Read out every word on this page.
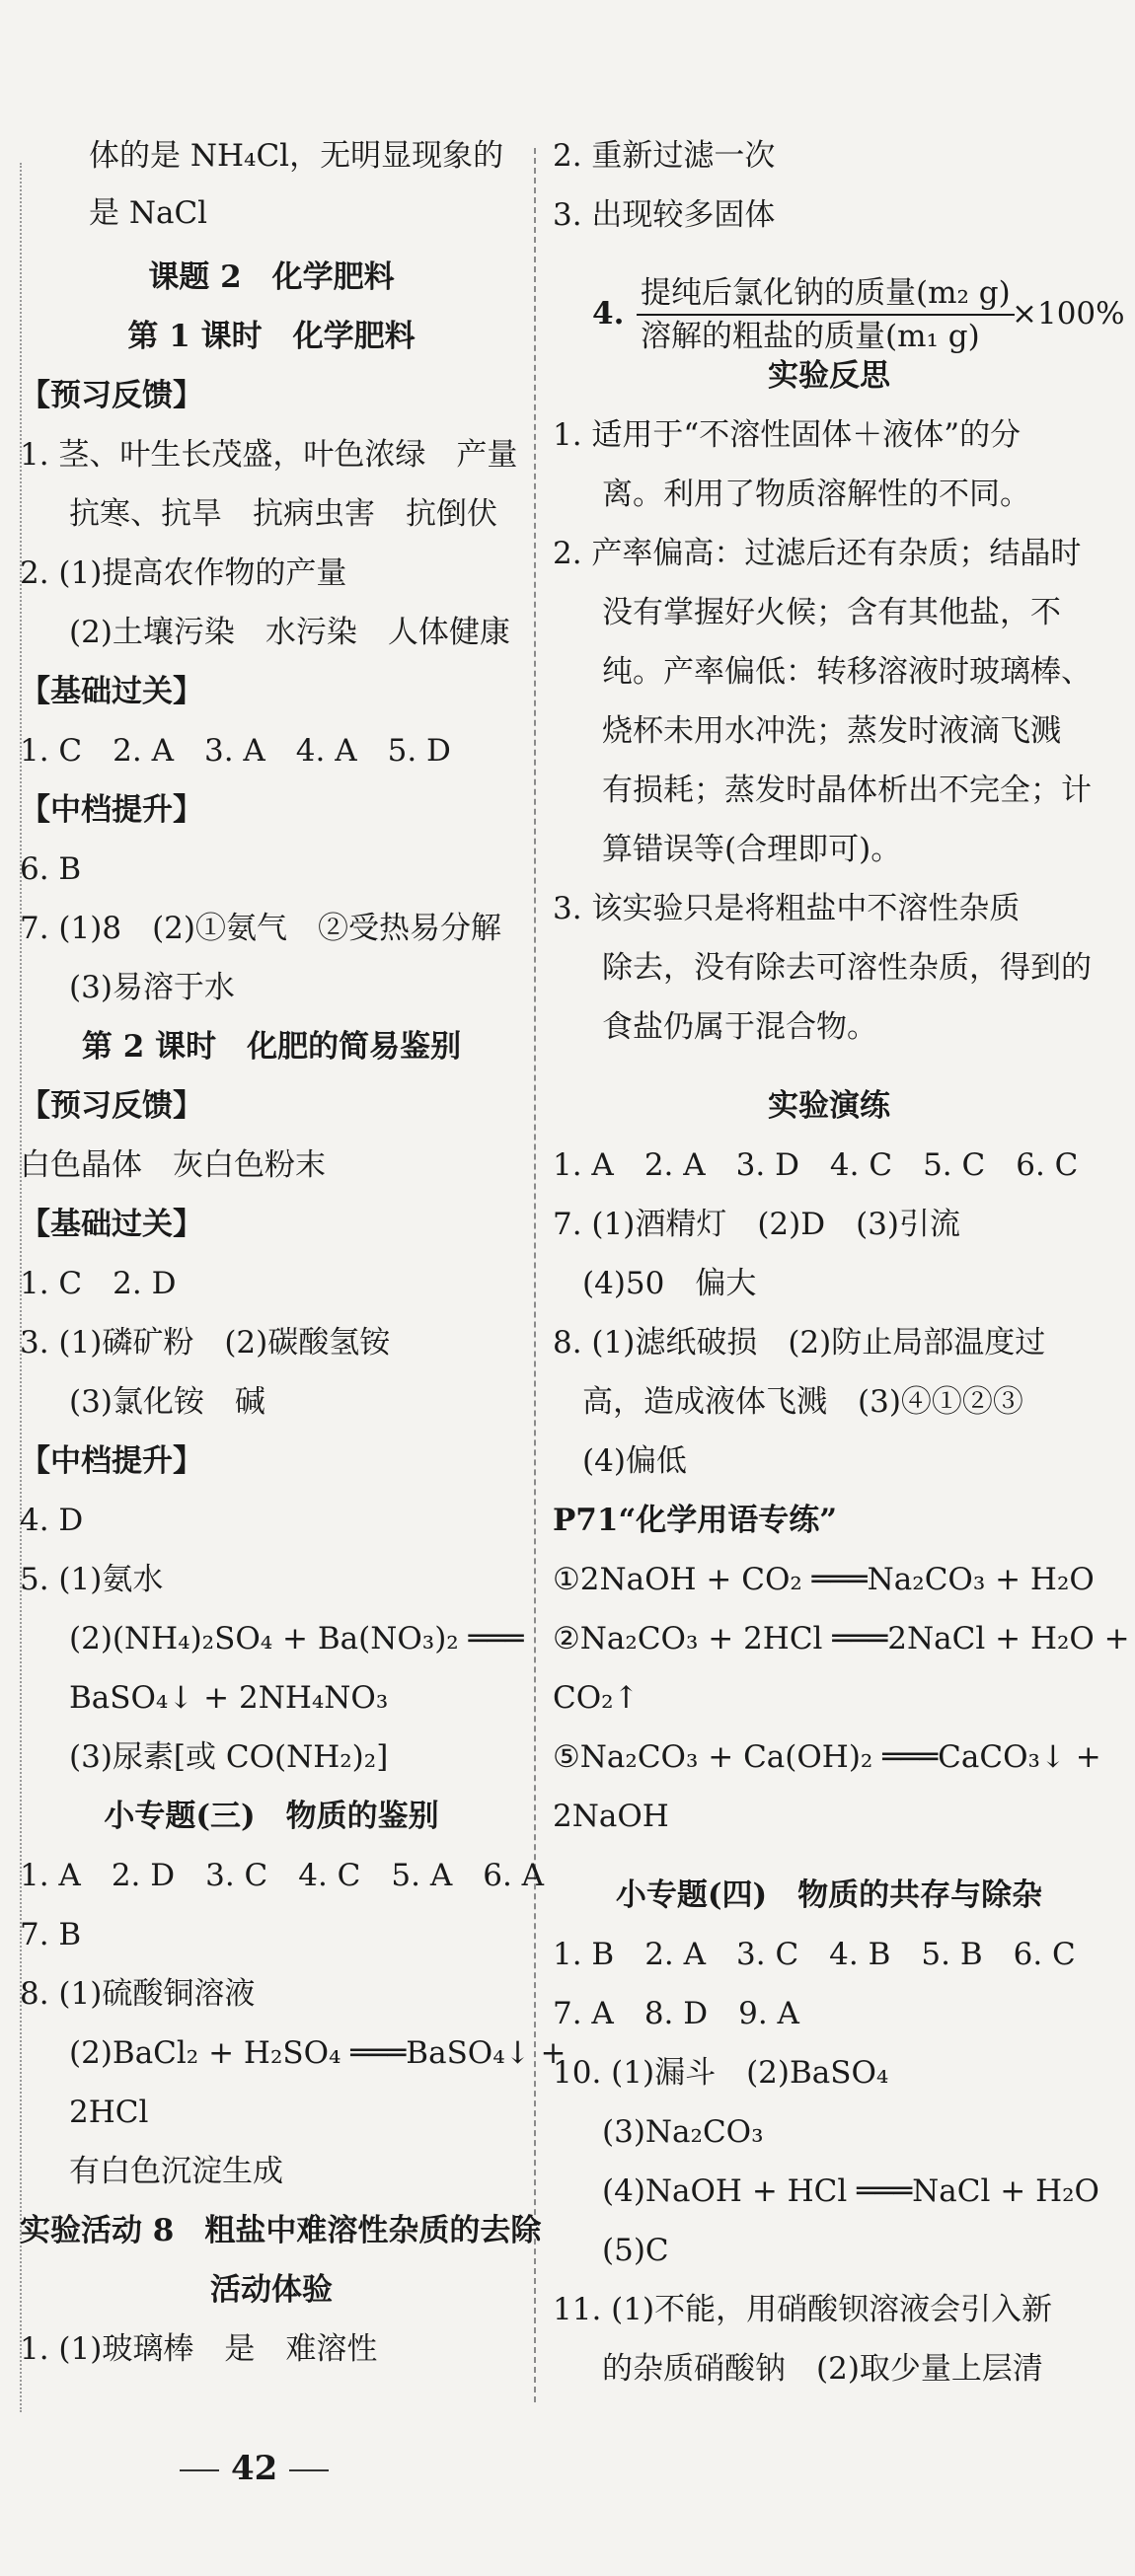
体的是 NH₄Cl，无明显现象的
是 NaCl
课题 2　化学肥料
第 1 课时　化学肥料
【预习反馈】
1. 茎、叶生长茂盛，叶色浓绿　产量
抗寒、抗旱　抗病虫害　抗倒伏
2. (1)提高农作物的产量
(2)土壤污染　水污染　人体健康
【基础过关】
1. C　2. A　3. A　4. A　5. D
【中档提升】
6. B
7. (1)8　(2)①氨气　②受热易分解
(3)易溶于水
第 2 课时　化肥的简易鉴别
【预习反馈】
白色晶体　灰白色粉末
【基础过关】
1. C　2. D
3. (1)磷矿粉　(2)碳酸氢铵
(3)氯化铵　碱
【中档提升】
4. D
5. (1)氨水
(2)(NH₄)₂SO₄ + Ba(NO₃)₂ ═══
BaSO₄↓ + 2NH₄NO₃
(3)尿素[或 CO(NH₂)₂]
小专题(三)　物质的鉴别
1. A　2. D　3. C　4. C　5. A　6. A
7. B
8. (1)硫酸铜溶液
(2)BaCl₂ + H₂SO₄ ═══BaSO₄↓ +
2HCl
有白色沉淀生成
实验活动 8　粗盐中难溶性杂质的去除
活动体验
1. (1)玻璃棒　是　难溶性
4.
提纯后氯化钠的质量(m₂ g)
溶解的粗盐的质量(m₁ g)
×100%
2. 重新过滤一次
3. 出现较多固体
实验反思
1. 适用于“不溶性固体＋液体”的分
离。利用了物质溶解性的不同。
2. 产率偏高：过滤后还有杂质；结晶时
没有掌握好火候；含有其他盐，不
纯。产率偏低：转移溶液时玻璃棒、
烧杯未用水冲洗；蒸发时液滴飞溅
有损耗；蒸发时晶体析出不完全；计
算错误等(合理即可)。
3. 该实验只是将粗盐中不溶性杂质
除去，没有除去可溶性杂质，得到的
食盐仍属于混合物。
实验演练
1. A　2. A　3. D　4. C　5. C　6. C
7. (1)酒精灯　(2)D　(3)引流
(4)50　偏大
8. (1)滤纸破损　(2)防止局部温度过
高，造成液体飞溅　(3)④①②③
(4)偏低
P71“化学用语专练”
①2NaOH + CO₂ ═══Na₂CO₃ + H₂O
②Na₂CO₃ + 2HCl ═══2NaCl + H₂O +
CO₂↑
⑤Na₂CO₃ + Ca(OH)₂ ═══CaCO₃↓ +
2NaOH
小专题(四)　物质的共存与除杂
1. B　2. A　3. C　4. B　5. B　6. C
7. A　8. D　9. A
10. (1)漏斗　(2)BaSO₄
(3)Na₂CO₃
(4)NaOH + HCl ═══NaCl + H₂O
(5)C
11. (1)不能，用硝酸钡溶液会引入新
的杂质硝酸钠　(2)取少量上层清
42
